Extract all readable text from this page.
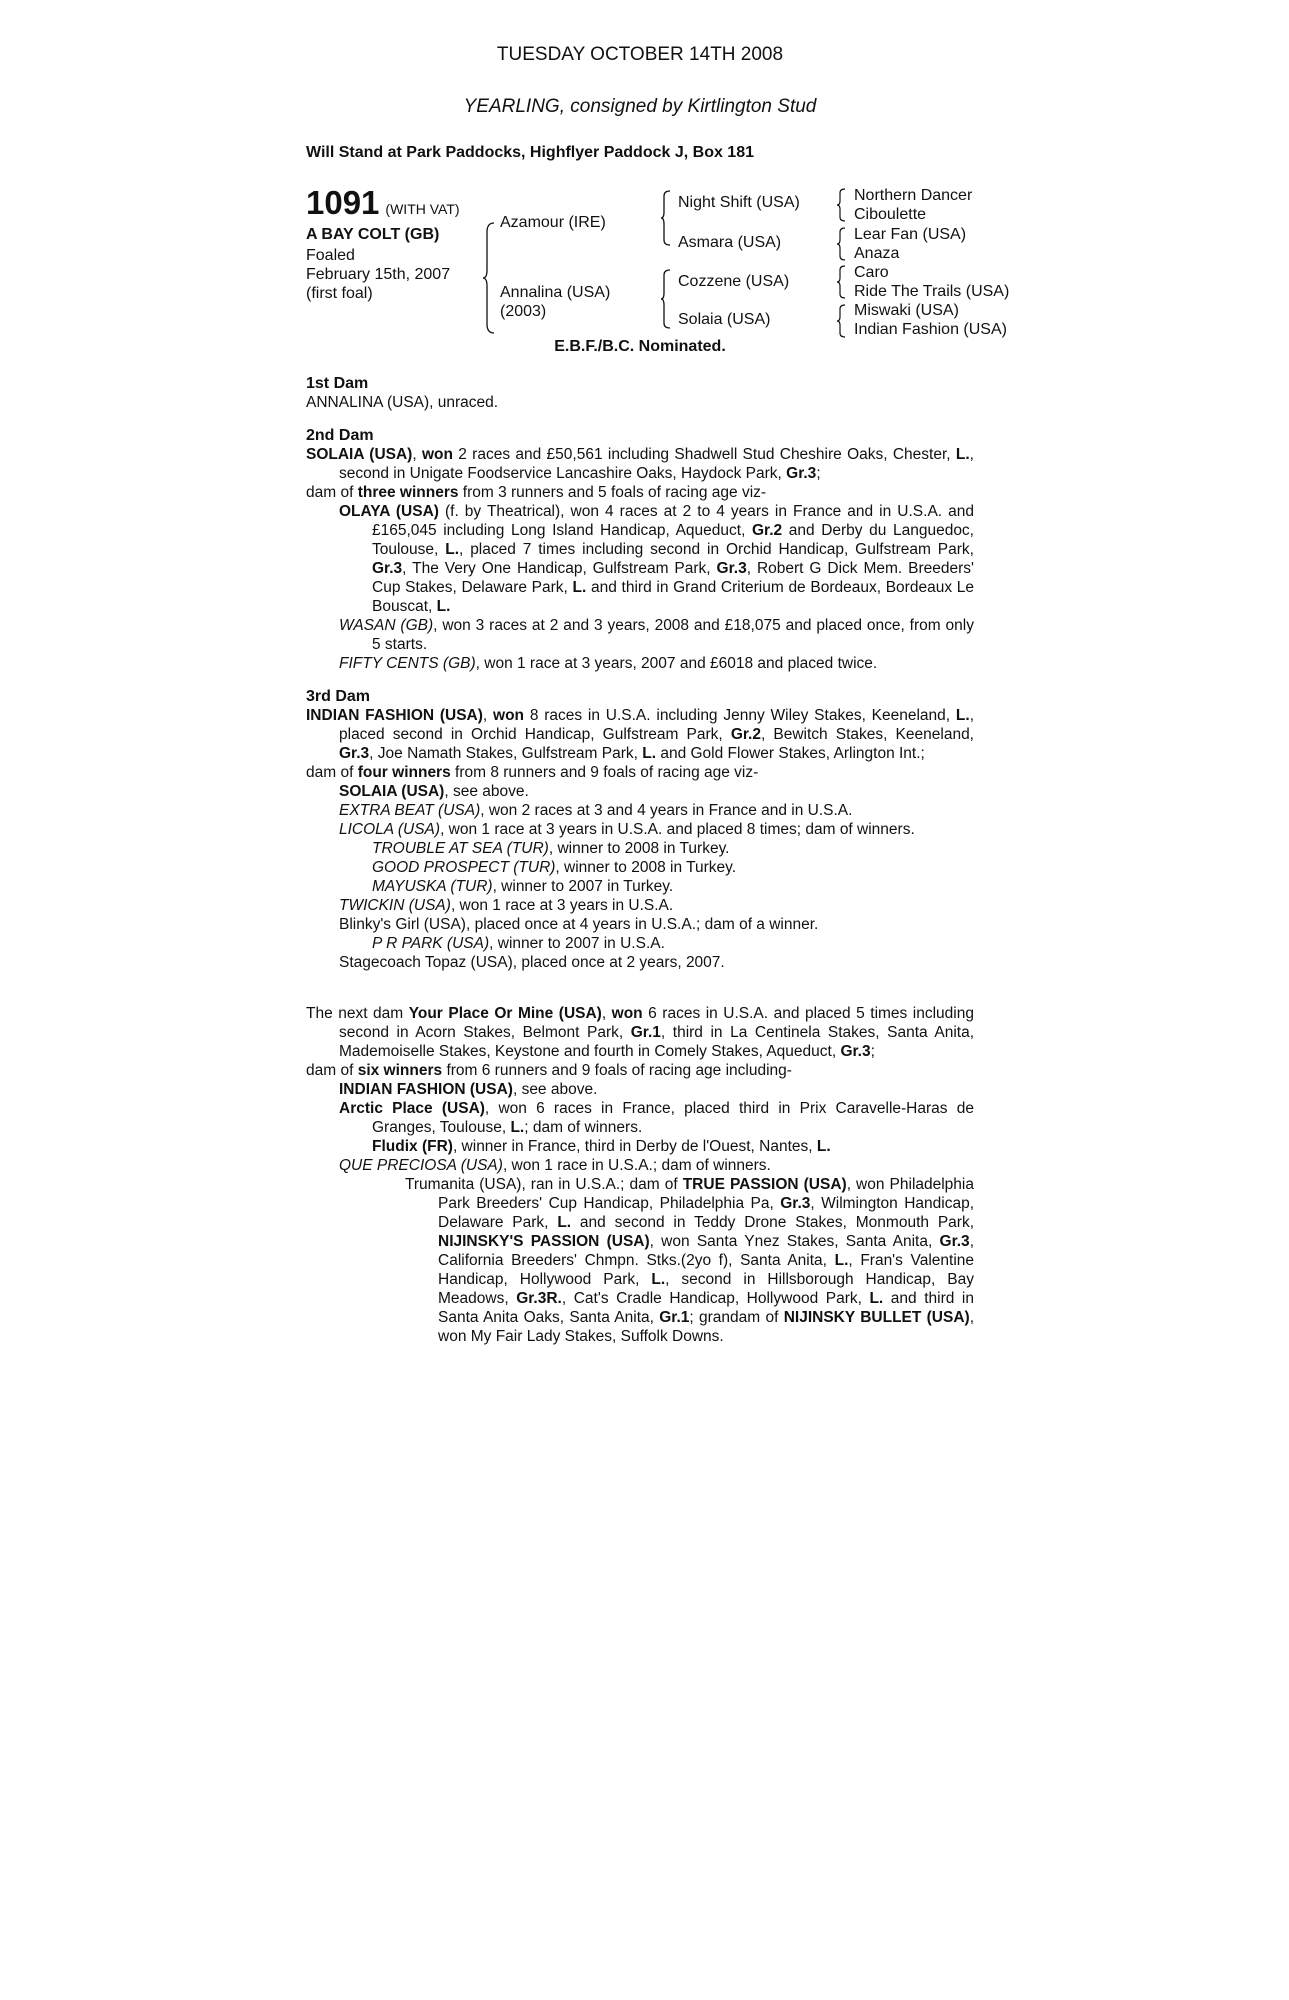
TUESDAY OCTOBER 14TH 2008
YEARLING, consigned by Kirtlington Stud
Will Stand at Park Paddocks, Highflyer Paddock J, Box 181
1091 (WITH VAT)
A BAY COLT (GB)
Foaled
February 15th, 2007
(first foal)
Azamour (IRE)
Annalina (USA)
(2003)
Night Shift (USA)
Asmara (USA)
Cozzene (USA)
Solaia (USA)
Northern Dancer
Ciboulette
Lear Fan (USA)
Anaza
Caro
Ride The Trails (USA)
Miswaki (USA)
Indian Fashion (USA)
E.B.F./B.C. Nominated.
1st Dam
ANNALINA (USA), unraced.
2nd Dam
SOLAIA (USA), won 2 races and £50,561 including Shadwell Stud Cheshire Oaks, Chester, L., second in Unigate Foodservice Lancashire Oaks, Haydock Park, Gr.3;
dam of three winners from 3 runners and 5 foals of racing age viz-
OLAYA (USA) (f. by Theatrical), won 4 races at 2 to 4 years in France and in U.S.A. and £165,045 including Long Island Handicap, Aqueduct, Gr.2 and Derby du Languedoc, Toulouse, L., placed 7 times including second in Orchid Handicap, Gulfstream Park, Gr.3, The Very One Handicap, Gulfstream Park, Gr.3, Robert G Dick Mem. Breeders' Cup Stakes, Delaware Park, L. and third in Grand Criterium de Bordeaux, Bordeaux Le Bouscat, L.
WASAN (GB), won 3 races at 2 and 3 years, 2008 and £18,075 and placed once, from only 5 starts.
FIFTY CENTS (GB), won 1 race at 3 years, 2007 and £6018 and placed twice.
3rd Dam
INDIAN FASHION (USA), won 8 races in U.S.A. including Jenny Wiley Stakes, Keeneland, L., placed second in Orchid Handicap, Gulfstream Park, Gr.2, Bewitch Stakes, Keeneland, Gr.3, Joe Namath Stakes, Gulfstream Park, L. and Gold Flower Stakes, Arlington Int.;
dam of four winners from 8 runners and 9 foals of racing age viz-
SOLAIA (USA), see above.
EXTRA BEAT (USA), won 2 races at 3 and 4 years in France and in U.S.A.
LICOLA (USA), won 1 race at 3 years in U.S.A. and placed 8 times; dam of winners.
TROUBLE AT SEA (TUR), winner to 2008 in Turkey.
GOOD PROSPECT (TUR), winner to 2008 in Turkey.
MAYUSKA (TUR), winner to 2007 in Turkey.
TWICKIN (USA), won 1 race at 3 years in U.S.A.
Blinky's Girl (USA), placed once at 4 years in U.S.A.; dam of a winner.
P R PARK (USA), winner to 2007 in U.S.A.
Stagecoach Topaz (USA), placed once at 2 years, 2007.
The next dam Your Place Or Mine (USA), won 6 races in U.S.A. and placed 5 times including second in Acorn Stakes, Belmont Park, Gr.1, third in La Centinela Stakes, Santa Anita, Mademoiselle Stakes, Keystone and fourth in Comely Stakes, Aqueduct, Gr.3;
dam of six winners from 6 runners and 9 foals of racing age including-
INDIAN FASHION (USA), see above.
Arctic Place (USA), won 6 races in France, placed third in Prix Caravelle-Haras de Granges, Toulouse, L.; dam of winners.
Fludix (FR), winner in France, third in Derby de l'Ouest, Nantes, L.
QUE PRECIOSA (USA), won 1 race in U.S.A.; dam of winners.
Trumanita (USA), ran in U.S.A.; dam of TRUE PASSION (USA), won Philadelphia Park Breeders' Cup Handicap, Philadelphia Pa, Gr.3, Wilmington Handicap, Delaware Park, L. and second in Teddy Drone Stakes, Monmouth Park, NIJINSKY'S PASSION (USA), won Santa Ynez Stakes, Santa Anita, Gr.3, California Breeders' Chmpn. Stks.(2yo f), Santa Anita, L., Fran's Valentine Handicap, Hollywood Park, L., second in Hillsborough Handicap, Bay Meadows, Gr.3R., Cat's Cradle Handicap, Hollywood Park, L. and third in Santa Anita Oaks, Santa Anita, Gr.1; grandam of NIJINSKY BULLET (USA), won My Fair Lady Stakes, Suffolk Downs.
